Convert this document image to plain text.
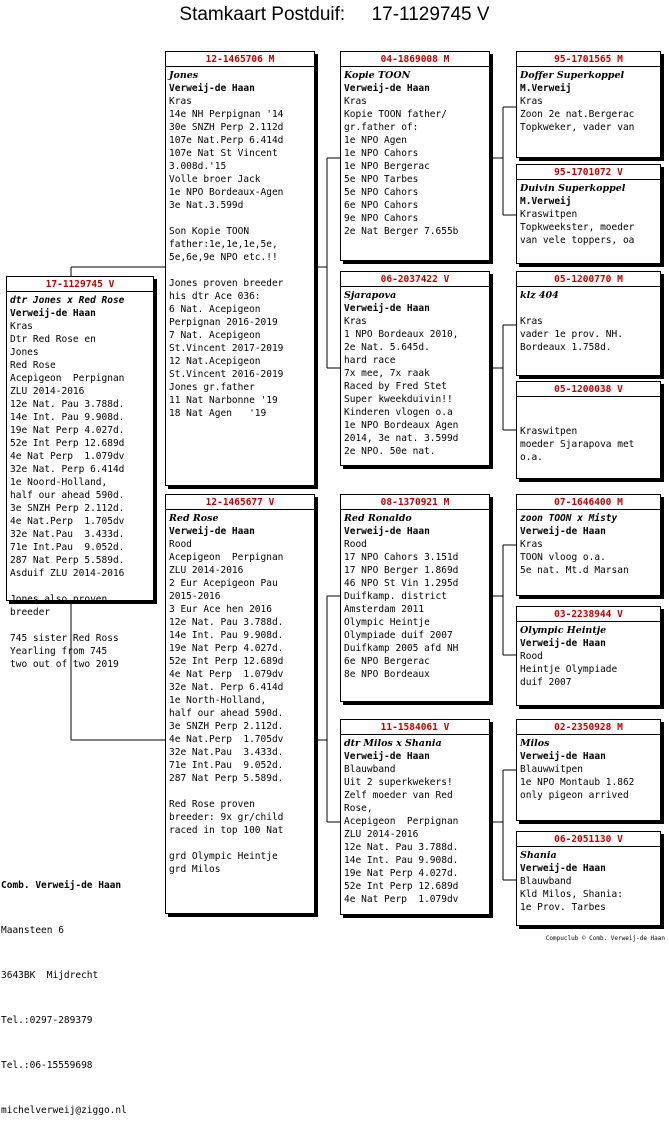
Stamkaart Postduif:     17-1129745 V
17-1129745 V
dtr Jones x Red Rose
Verweij-de Haan
Kras
Dtr Red Rose en
Jones
Red Rose
Acepigeon  Perpignan
ZLU 2014-2016
12e Nat. Pau 3.788d.
14e Int. Pau 9.908d.
19e Nat Perp 4.027d.
52e Int Perp 12.689d
4e Nat Perp  1.079dv
32e Nat. Perp 6.414d
1e Noord-Holland,
half our ahead 590d.
3e SNZH Perp 2.112d.
4e Nat.Perp  1.705dv
32e Nat.Pau  3.433d.
71e Int.Pau  9.052d.
287 Nat Perp 5.589d.
Asduif ZLU 2014-2016
Jones also proven
breeder
745 sister Red Ross
Yearling from 745
two out of two 2019
12-1465706 M
Jones
Verweij-de Haan
Kras
14e NH Perpignan '14
30e SNZH Perp 2.112d
107e Nat.Perp 6.414d
107e Nat St Vincent
3.008d.'15
Volle broer Jack
1e NPO Bordeaux-Agen
3e Nat.3.599d
Son Kopie TOON
father:1e,1e,1e,5e,
5e,6e,9e NPO etc.!!
Jones proven breeder
his dtr Ace 036:
6 Nat. Acepigeon
Perpignan 2016-2019
7 Nat. Acepigeon
St.Vincent 2017-2019
12 Nat.Acepigeon
St.Vincent 2016-2019
Jones gr.father
11 Nat Narbonne '19
18 Nat Agen   '19
12-1465677 V
Red Rose
Verweij-de Haan
Rood
Acepigeon  Perpignan
ZLU 2014-2016
2 Eur Acepigeon Pau
2015-2016
3 Eur Ace hen 2016
12e Nat. Pau 3.788d.
14e Int. Pau 9.908d.
19e Nat Perp 4.027d.
52e Int Perp 12.689d
4e Nat Perp  1.079dv
32e Nat. Perp 6.414d
1e North-Holland,
half our ahead 590d.
3e SNZH Perp 2.112d.
4e Nat.Perp  1.705dv
32e Nat.Pau  3.433d.
71e Int.Pau  9.052d.
287 Nat Perp 5.589d.
Red Rose proven
breeder: 9x gr/child
raced in top 100 Nat
grd Olympic Heintje
grd Milos
04-1869008 M
Kopie TOON
Verweij-de Haan
Kras
Kopie TOON father/
gr.father of:
1e NPO Agen
1e NPO Cahors
1e NPO Bergerac
5e NPO Tarbes
5e NPO Cahors
6e NPO Cahors
9e NPO Cahors
2e Nat Berger 7.655b
06-2037422 V
Sjarapova
Verweij-de Haan
Kras
1 NPO Bordeaux 2010,
2e Nat. 5.645d.
hard race
7x mee, 7x raak
Raced by Fred Stet
Super kweekduivin!!
Kinderen vlogen o.a
1e NPO Bordeaux Agen
2014, 3e nat. 3.599d
2e NPO. 50e nat.
08-1370921 M
Red Ronaldo
Verweij-de Haan
Rood
17 NPO Cahors 3.151d
17 NPO Berger 1.869d
46 NPO St Vin 1.295d
Duifkamp. district
Amsterdam 2011
Olympic Heintje
Olympiade duif 2007
Duifkamp 2005 afd NH
6e NPO Bergerac
8e NPO Bordeaux
11-1584061 V
dtr Milos x Shania
Verweij-de Haan
Blauwband
Uit 2 superkwekers!
Zelf moeder van Red
Rose,
Acepigeon  Perpignan
ZLU 2014-2016
12e Nat. Pau 3.788d.
14e Int. Pau 9.908d.
19e Nat Perp 4.027d.
52e Int Perp 12.689d
4e Nat Perp  1.079dv
95-1701565 M
Doffer Superkoppel
M.Verweij
Kras
Zoon 2e nat.Bergerac
Topkweker, vader van
95-1701072 V
Duivin Superkoppel
M.Verweij
Kraswitpen
Topkweekster, moeder
van vele toppers, oa
05-1200770 M
klz 404
Kras
vader 1e prov. NH.
Bordeaux 1.758d.
05-1200038 V
Kraswitpen
moeder Sjarapova met
o.a.
07-1646400 M
zoon TOON x Misty
Verweij-de Haan
Kras
TOON vloog o.a.
5e nat. Mt.d Marsan
03-2238944 V
Olympic Heintje
Verweij-de Haan
Rood
Heintje Olympiade
duif 2007
02-2350928 M
Milos
Verweij-de Haan
Blauwwitpen
1e NPO Montaub 1.862
only pigeon arrived
06-2051130 V
Shania
Verweij-de Haan
Blauwband
Kld Milos, Shania:
1e Prov. Tarbes

Comb. Verweij-de Haan

Maansteen 6

3643BK  Mijdrecht

Tel.:0297-289379

Tel.:06-15559698

michelverweij@ziggo.nl

Compuclub © Comb. Verweij-de Haan
